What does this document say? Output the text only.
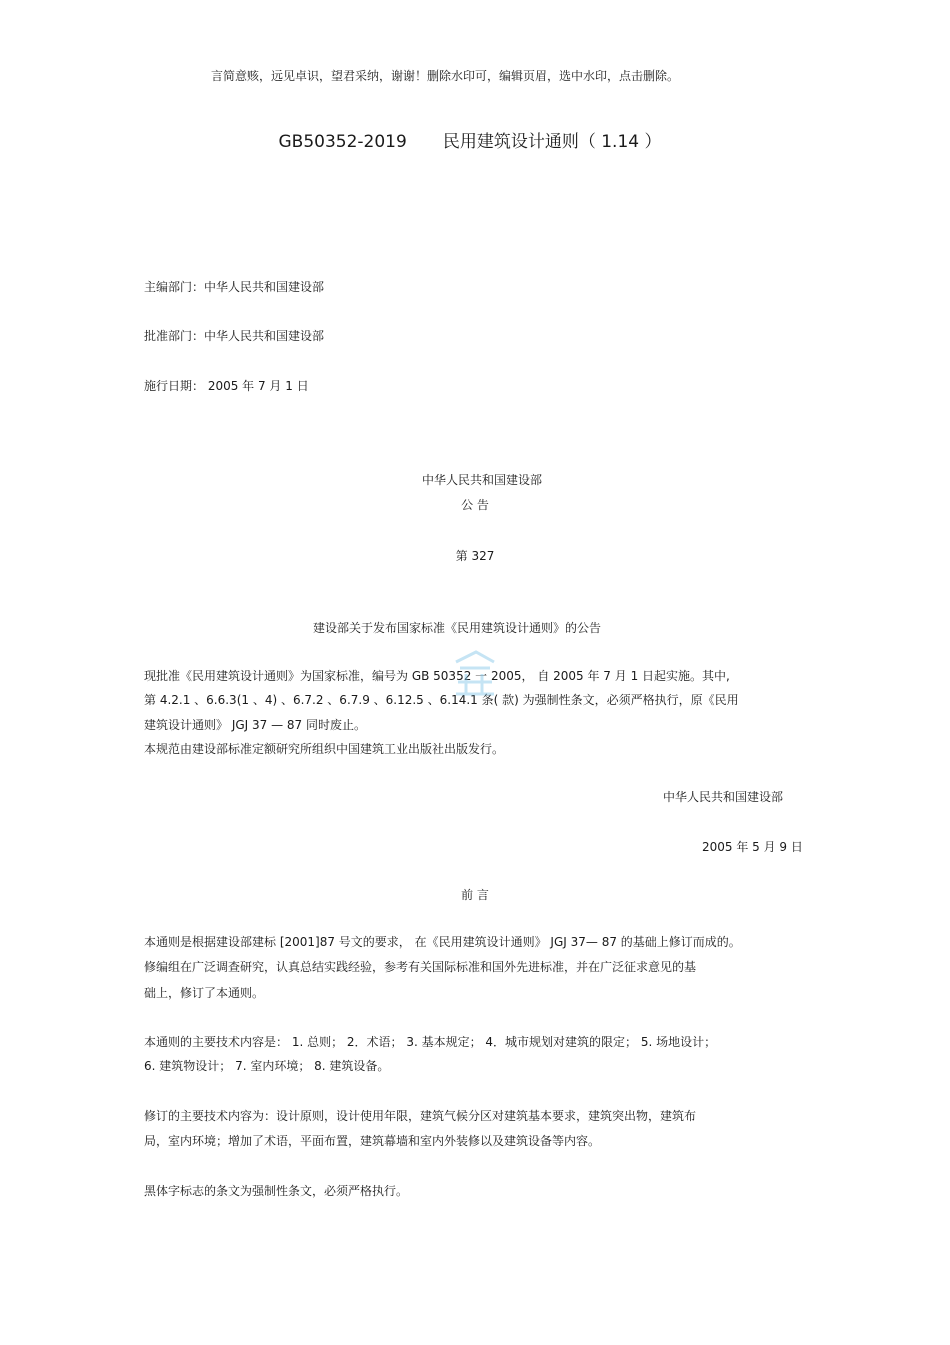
言简意赅，远见卓识，望君采纳，谢谢！删除水印可，编辑页眉，选中水印，点击删除。
GB50352-2019 民用建筑设计通则（ 1.14 ）
主编部门：中华人民共和国建设部
批准部门：中华人民共和国建设部
施行日期： 2005 年 7 月 1 日
中华人民共和国建设部
公 告
第 327
建设部关于发布国家标准《民用建筑设计通则》的公告
现批准《民用建筑设计通则》为国家标准，编号为 GB 50352 一 2005， 自 2005 年 7 月 1 日起实施。其中,
第 4.2.1 、6.6.3(1 、4) 、6.7.2 、6.7.9 、6.12.5 、6.14.1 条( 款) 为强制性条文，必须严格执行，原《民用
建筑设计通则》 JGJ 37 — 87 同时废止。
本规范由建设部标准定额研究所组织中国建筑工业出版社出版发行。
中华人民共和国建设部
2005 年 5 月 9 日
前 言
本通则是根据建设部建标 [2001]87 号文的要求， 在《民用建筑设计通则》 JGJ 37— 87 的基础上修订而成的。
修编组在广泛调查研究，认真总结实践经验，参考有关国际标准和国外先进标准，并在广泛征求意见的基
础上，修订了本通则。
本通则的主要技术内容是： 1. 总则； 2．术语； 3. 基本规定； 4．城市规划对建筑的限定； 5. 场地设计；
6. 建筑物设计； 7. 室内环境； 8. 建筑设备。
修订的主要技术内容为：设计原则，设计使用年限，建筑气候分区对建筑基本要求，建筑突出物，建筑布
局，室内环境；增加了术语，平面布置，建筑幕墙和室内外装修以及建筑设备等内容。
黑体字标志的条文为强制性条文，必须严格执行。
